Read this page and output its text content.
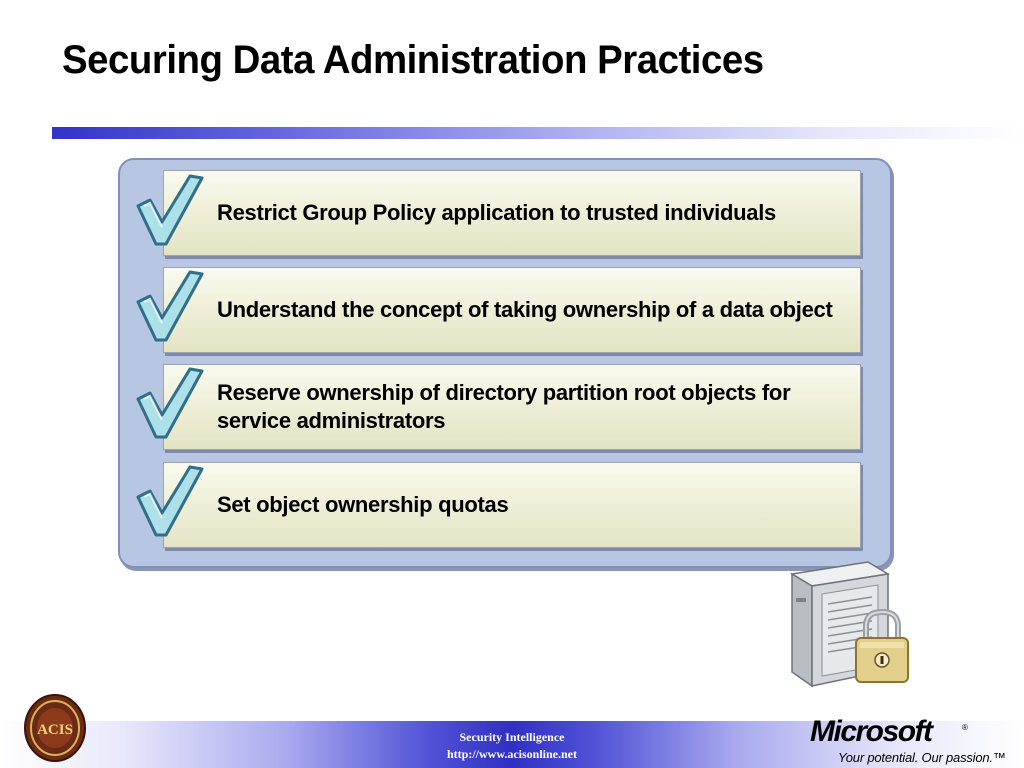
Securing Data Administration Practices
Restrict Group Policy application to trusted individuals
Understand the concept of taking ownership of a data object
Reserve ownership of directory partition root objects for service administrators
Set object ownership quotas
Security Intelligence
http://www.acisonline.net
ACIS	Microsoft	®
Your potential. Our passion.™
